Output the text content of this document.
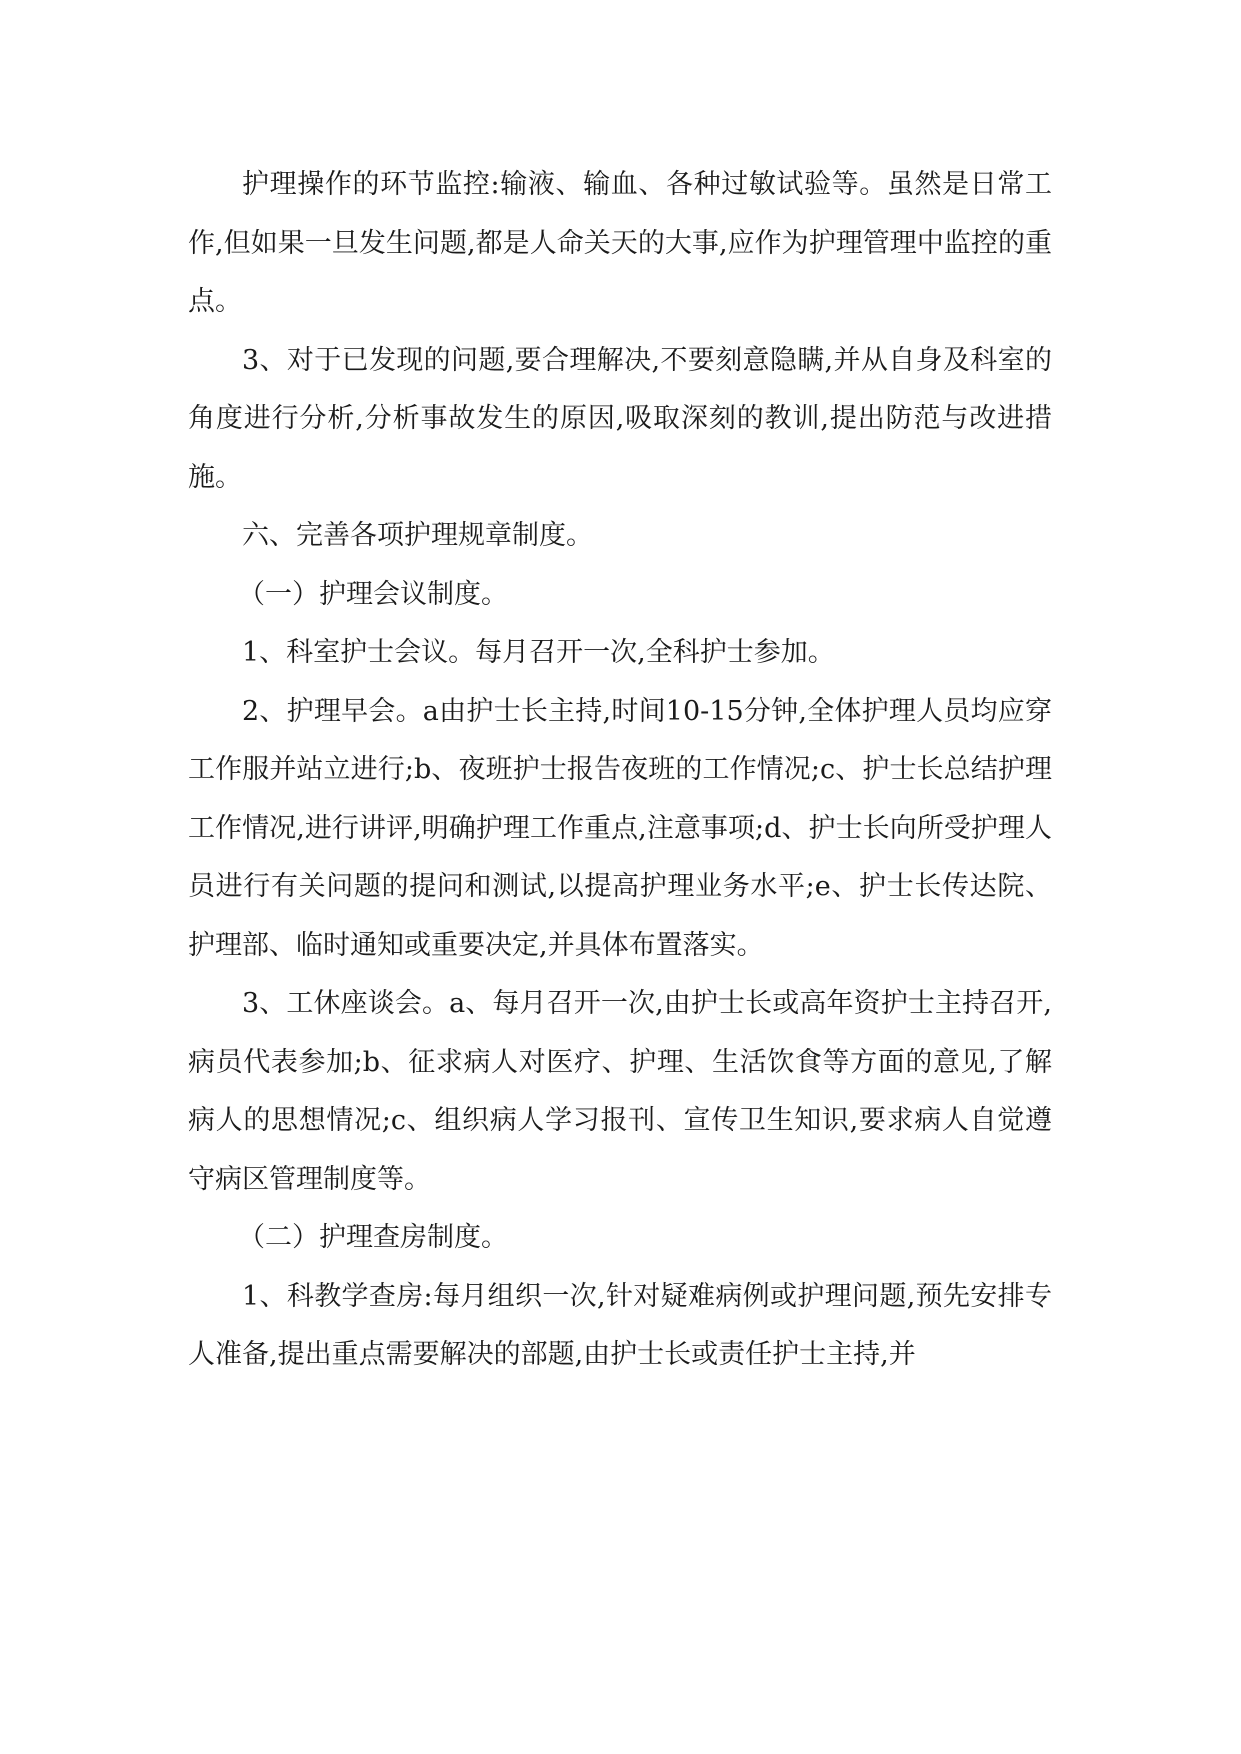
护理操作的环节监控:输液、输血、各种过敏试验等。虽然是日常工作,但如果一旦发生问题,都是人命关天的大事,应作为护理管理中监控的重点。

3、对于已发现的问题,要合理解决,不要刻意隐瞒,并从自身及科室的角度进行分析,分析事故发生的原因,吸取深刻的教训,提出防范与改进措施。

六、完善各项护理规章制度。

（一）护理会议制度。

1、科室护士会议。每月召开一次,全科护士参加。

2、护理早会。a由护士长主持,时间10-15分钟,全体护理人员均应穿工作服并站立进行;b、夜班护士报告夜班的工作情况;c、护士长总结护理工作情况,进行讲评,明确护理工作重点,注意事项;d、护士长向所受护理人员进行有关问题的提问和测试,以提高护理业务水平;e、护士长传达院、护理部、临时通知或重要决定,并具体布置落实。

3、工休座谈会。a、每月召开一次,由护士长或高年资护士主持召开,病员代表参加;b、征求病人对医疗、护理、生活饮食等方面的意见,了解病人的思想情况;c、组织病人学习报刊、宣传卫生知识,要求病人自觉遵守病区管理制度等。

（二）护理查房制度。

1、科教学查房:每月组织一次,针对疑难病例或护理问题,预先安排专人准备,提出重点需要解决的部题,由护士长或责任护士主持,并
